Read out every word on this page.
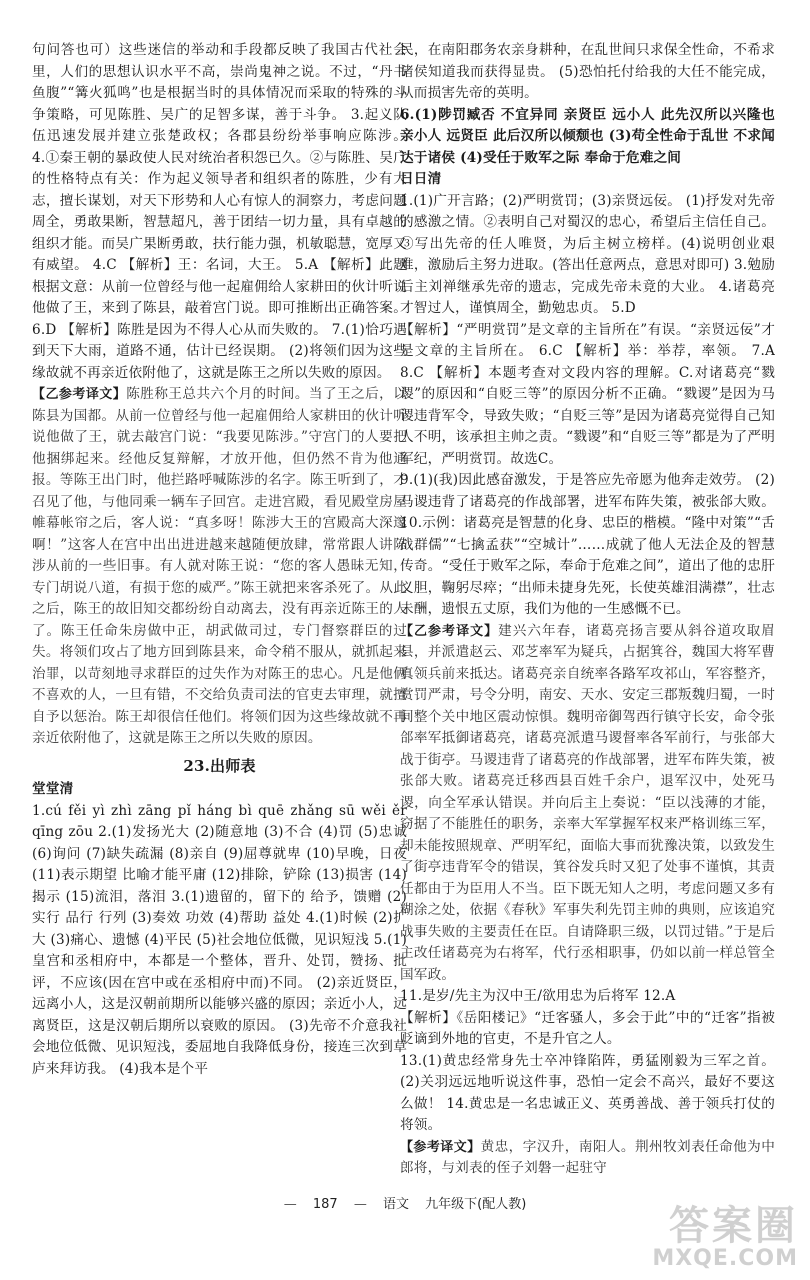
句问答也可）这些迷信的举动和手段都反映了我国古代社会里，人们的思想认识水平不高，崇尚鬼神之说。不过，“丹书鱼腹”“篝火狐鸣”也是根据当时的具体情况而采取的特殊的斗争策略，可见陈胜、吴广的足智多谋，善于斗争。 3.起义队伍迅速发展并建立张楚政权；各郡县纷纷举事响应陈涉。 4.①秦王朝的暴政使人民对统治者积怨已久。②与陈胜、吴广的性格特点有关：作为起义领导者和组织者的陈胜，少有大志，擅长谋划，对天下形势和人心有惊人的洞察力，考虑问题周全，勇敢果断，智慧超凡，善于团结一切力量，具有卓越的组织才能。而吴广果断勇敢，扶行能力强，机敏聪慧，宽厚又有威望。 4.C 【解析】王：名词，大王。 5.A 【解析】此题根据文意：从前一位曾经与他一起雇佣给人家耕田的伙计听说他做了王，来到了陈县，敲着宫门说。即可推断出正确答案。 6.D 【解析】陈胜是因为不得人心从而失败的。 7.(1)恰巧遇到天下大雨，道路不通，估计已经误期。 (2)将领们因为这些缘故就不再亲近依附他了，这就是陈王之所以失败的原因。

【乙参考译文】陈胜称王总共六个月的时间。当了王之后，以陈县为国都。从前一位曾经与他一起雇佣给人家耕田的伙计听说他做了王，就去敲宫门说：“我要见陈涉。”守宫门的人要把他捆绑起来。经他反复辩解，才放开他，但仍然不肯为他通报。等陈王出门时，他拦路呼喊陈涉的名字。陈王听到了，才召见了他，与他同乘一辆车子回宫。走进宫殿，看见殿堂房屋帷幕帐帘之后，客人说：“真多呀！陈涉大王的宫殿高大深邃啊！”这客人在宫中出出进进越来越随便放肆，常常跟人讲陈涉从前的一些旧事。有人就对陈王说：“您的客人愚昧无知，专门胡说八道，有损于您的威严。”陈王就把来客杀死了。从此之后，陈王的故旧知交都纷纷自动离去，没有再亲近陈王的人了。陈王任命朱房做中正，胡武做司过，专门督察群臣的过失。将领们攻占了地方回到陈县来，命令稍不服从，就抓起来治罪，以苛刻地寻求群臣的过失作为对陈王的忠心。凡是他俩不喜欢的人，一旦有错，不交给负责司法的官吏去审理，就擅自予以惩治。陈王却很信任他们。将领们因为这些缘故就不再亲近依附他了，这就是陈王之所以失败的原因。

23.出师表
堂堂清

1.cú fěi yì zhì zāng pǐ háng bì quē zhǎng sū wěi ěr qīng zōu 2.(1)发扬光大 (2)随意地 (3)不合 (4)罚 (5)忠诚 (6)询问 (7)缺失疏漏 (8)亲自 (9)屈尊就卑 (10)早晚，日夜 (11)表示期望 比喻才能平庸 (12)排除，铲除 (13)损害 (14)揭示 (15)流泪，落泪 3.(1)遗留的，留下的 给予，馈赠 (2)实行 品行 行列 (3)奏效 功效 (4)帮助 益处 4.(1)时候 (2)扩大 (3)痛心、遗憾 (4)平民 (5)社会地位低微，见识短浅 5.(1)皇宫和丞相府中，本都是一个整体，晋升、处罚，赞扬、批评，不应该(因在宫中或在丞相府中而)不同。 (2)亲近贤臣，远离小人，这是汉朝前期所以能够兴盛的原因；亲近小人，远离贤臣，这是汉朝后期所以衰败的原因。 (3)先帝不介意我社会地位低微、见识短浅，委屈地自我降低身份，接连三次到草庐来拜访我。 (4)我本是个平

民，在南阳郡务农亲身耕种，在乱世间只求保全性命，不希求诸侯知道我而获得显贵。 (5)恐怕托付给我的大任不能完成，从而损害先帝的英明。

6.(1)陟罚臧否 不宜异同 亲贤臣 远小人 此先汉所以兴隆也 亲小人 远贤臣 此后汉所以倾颓也 (3)苟全性命于乱世 不求闻达于诸侯 (4)受任于败军之际 奉命于危难之间

日日清

1.(1)广开言路；(2)严明赏罚；(3)亲贤远佞。 (1)抒发对先帝的感激之情。②表明自己对蜀汉的忠心，希望后主信任自己。③写出先帝的任人唯贤，为后主树立榜样。(4)说明创业艰难，激励后主努力进取。(答出任意两点，意思对即可) 3.勉励后主刘禅继承先帝的遗志，完成先帝未竟的大业。 4.诸葛亮才智过人，谨慎周全，勤勉忠贞。 5.D

【解析】“严明赏罚”是文章的主旨所在”有误。“亲贤远佞”才是文章的主旨所在。 6.C 【解析】举：举荐，率领。 7.A 8.C 【解析】本题考查对文段内容的理解。C.对诸葛亮“戮谡”的原因和“自贬三等”的原因分析不正确。“戮谡”是因为马谡违背军令，导致失败；“自贬三等”是因为诸葛亮觉得自己知人不明，该承担主帅之责。“戮谡”和“自贬三等”都是为了严明军纪，严明赏罚。故选C。

9.(1)(我)因此感奋激发，于是答应先帝愿为他奔走效劳。 (2)马谡违背了诸葛亮的作战部署，进军布阵失策，被张郃大败。 10.示例：诸葛亮是智慧的化身、忠臣的楷模。“隆中对策”“舌战群儒”“七擒孟获”“空城计”……成就了他人无法企及的智慧传奇。“受任于败军之际，奉命于危难之间”，道出了他的忠肝义胆，鞠躬尽瘁；“出师未捷身先死，长使英雄泪满襟”，壮志未酬，遗恨五丈原，我们为他的一生感慨不已。

【乙参考译文】建兴六年春，诸葛亮扬言要从斜谷道攻取眉县，并派遣赵云、邓芝率军为疑兵，占据箕谷，魏国大将军曹真领兵前来抵达。诸葛亮亲自统率各路军攻祁山，军容整齐，赏罚严肃，号令分明，南安、天水、安定三郡叛魏归蜀，一时间整个关中地区震动惊惧。魏明帝御驾西行镇守长安，命令张郃率军抵御诸葛亮，诸葛亮派遣马谡督率各军前行，与张郃大战于街亭。马谡违背了诸葛亮的作战部署，进军布阵失策，被张郃大败。诸葛亮迁移西县百姓千余户，退军汉中，处死马谡，向全军承认错误。并向后主上奏说：“臣以浅薄的才能，窃据了不能胜任的职务，亲率大军掌握军权来严格训练三军，却未能按照规章、严明军纪，面临大事而犹豫决策，以致发生了街亭违背军令的错误，箕谷发兵时又犯了处事不谨慎，其责任都由于为臣用人不当。臣下既无知人之明，考虑问题又多有糊涂之处，依据《春秋》军事失利先罚主帅的典则，应该追究战事失败的主要责任在臣。自请降职三级，以罚过错。”于是后主改任诸葛亮为右将军，代行丞相职事，仍如以前一样总管全国军政。

11.是岁/先主为汉中王/欲用忠为后将军 12.A

【解析】《岳阳楼记》“迁客骚人，多会于此”中的“迁客”指被贬谪到外地的官吏，不是升官之人。

13.(1)黄忠经常身先士卒冲锋陷阵，勇猛刚毅为三军之首。 (2)关羽远远地听说这件事，恐怕一定会不高兴，最好不要这么做！ 14.黄忠是一名忠诚正义、英勇善战、善于领兵打仗的将领。

【参考译文】黄忠，字汉升，南阳人。荆州牧刘表任命他为中郎将，与刘表的侄子刘磐一起驻守

— 187 — 语文 九年级下(配人教)	答案圈
MXQE.COM
